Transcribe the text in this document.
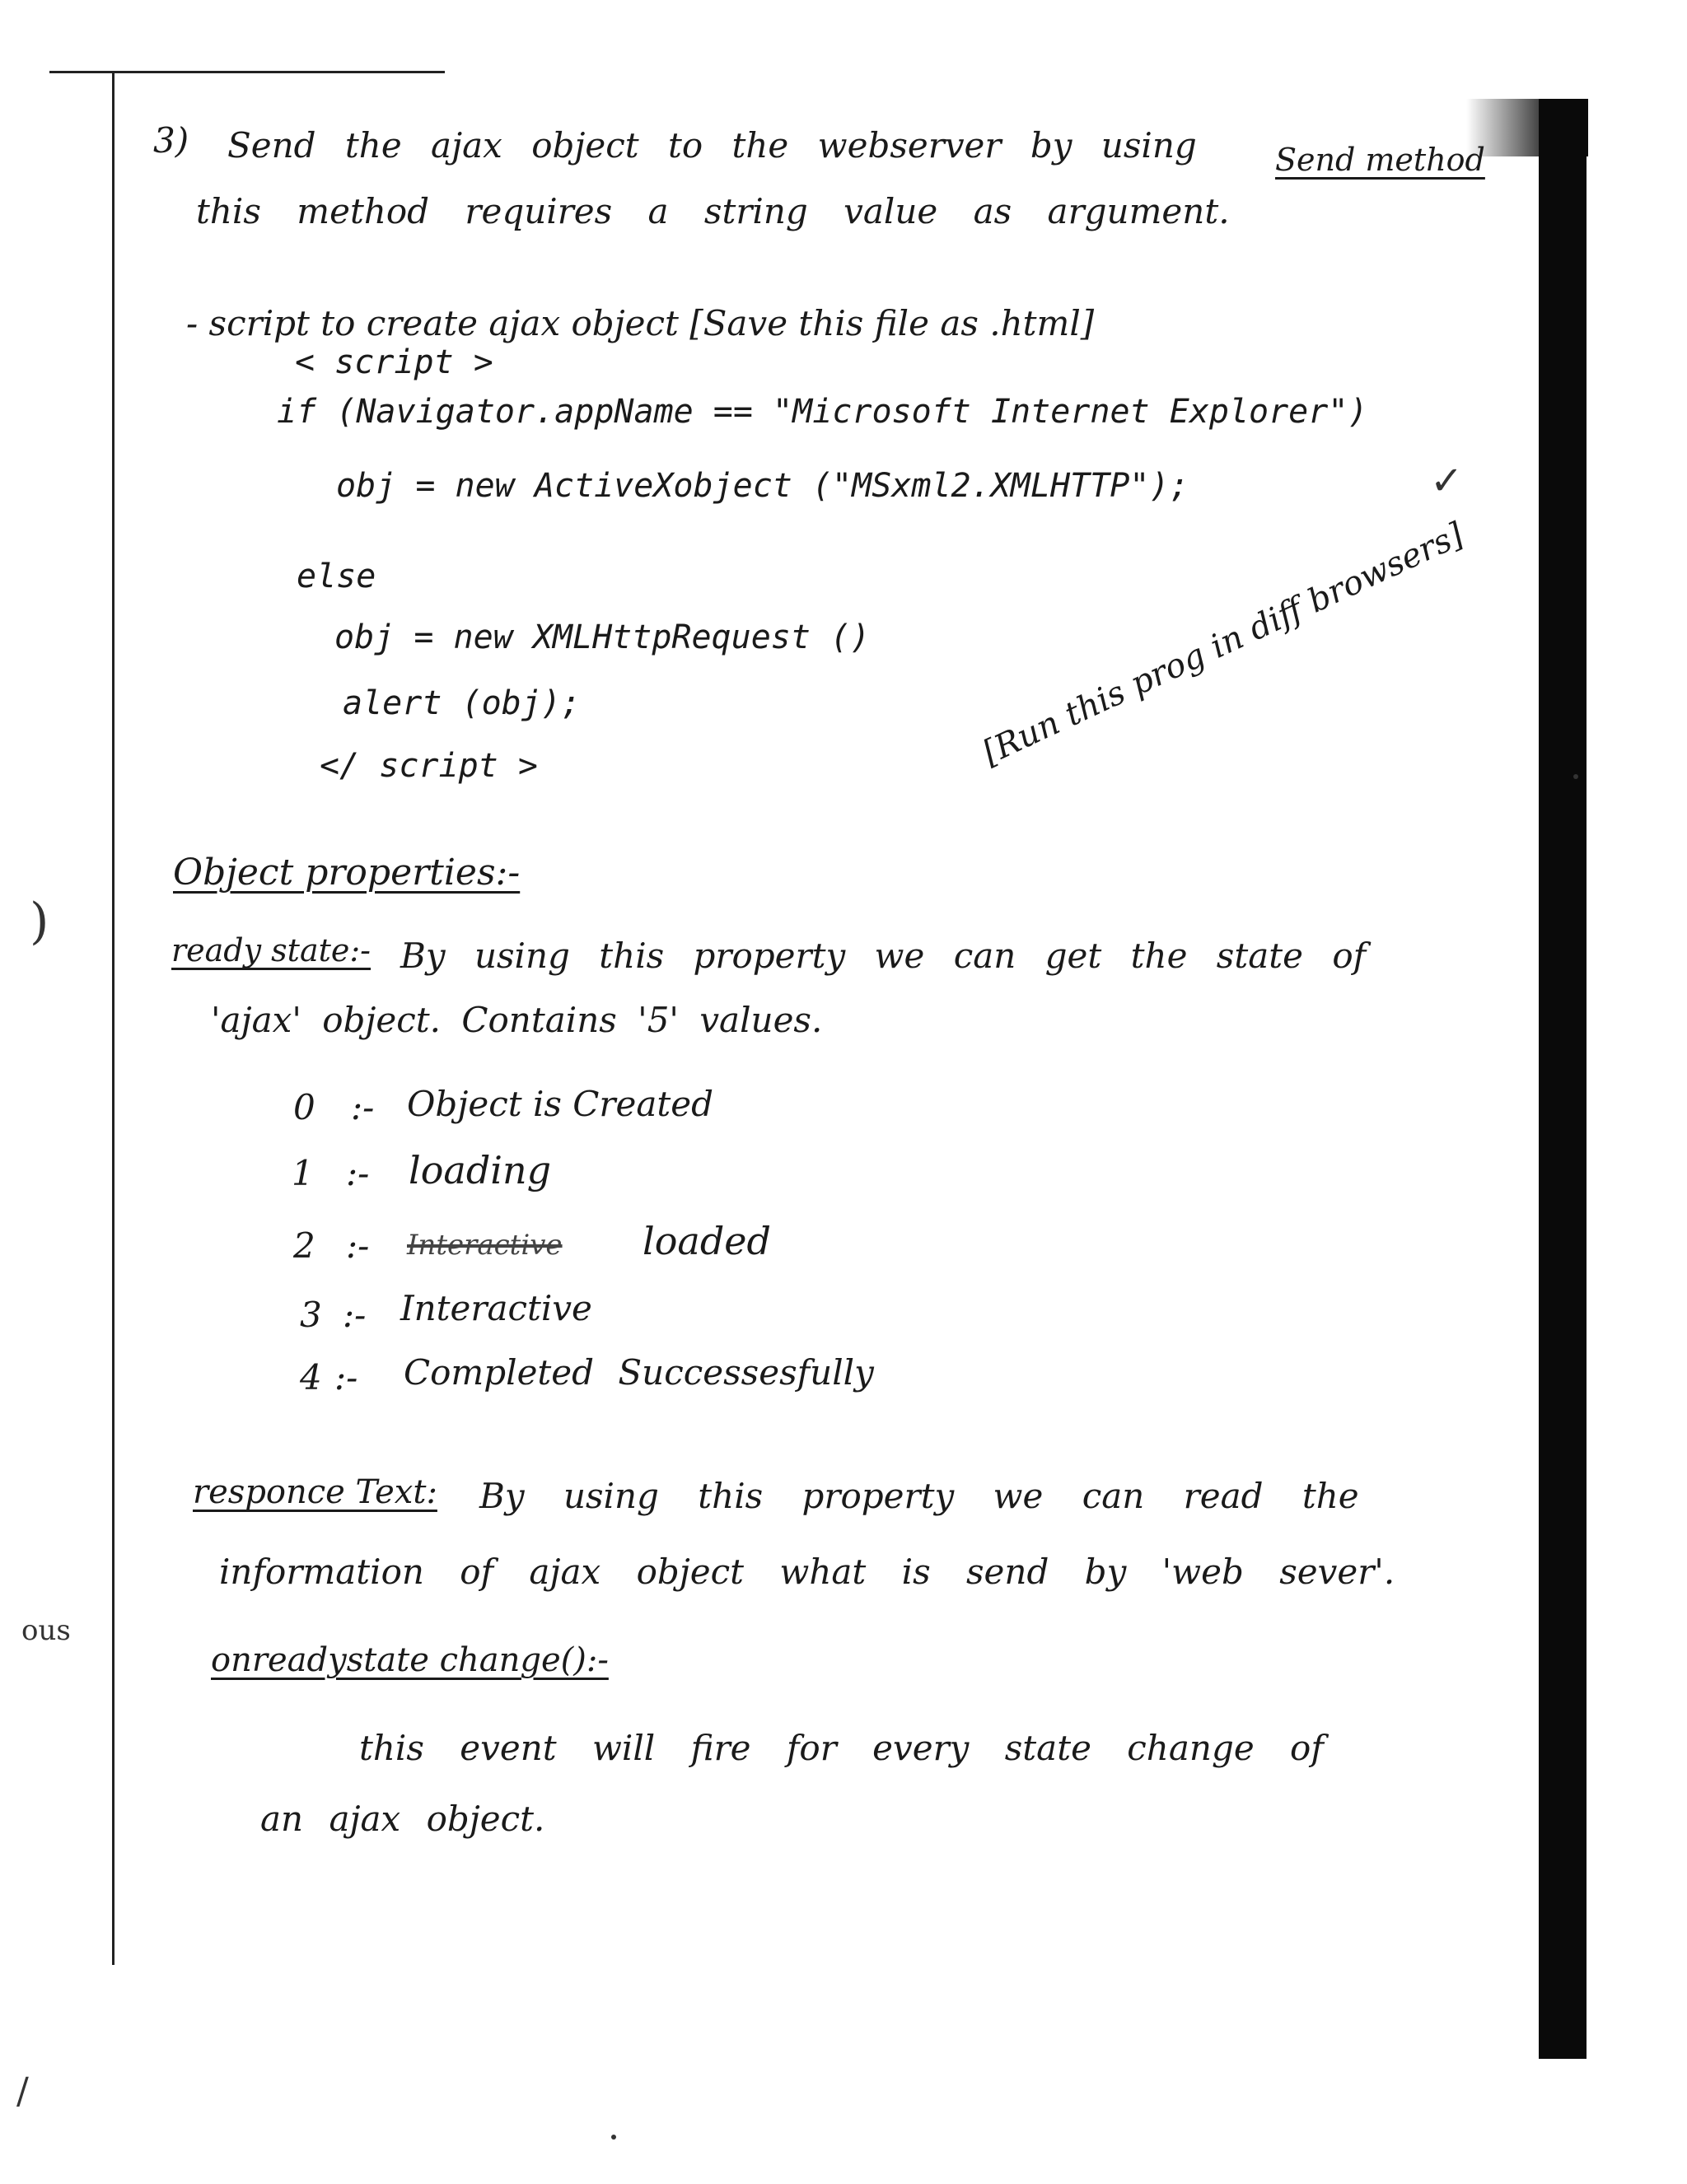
3) Send the ajax object to the webserver by using	Send method
this method requires a string value as argument.
- script to create ajax object [Save this file as .html]
< script >
if (Navigator.appName == "Microsoft Internet Explorer")
obj = new ActiveXobject ("MSxml2.XMLHTTP");
else
obj = new XMLHttpRequest ()
alert (obj);
</ script >	[Run this prog in diff browsers]
✓
Object properties:-
ready state:- By using this property we can get the state of
'ajax' object. Contains '5' values.
0 :- Object is Created
1 :- loading
2 :- Interactive loaded
3 :- Interactive
4 :- Completed Successesfully
responce Text: By using this property we can read the
information of ajax object what is send by 'web sever'.
onreadystate change():-
this event will fire for every state change of
an ajax object.
)
ous
/
